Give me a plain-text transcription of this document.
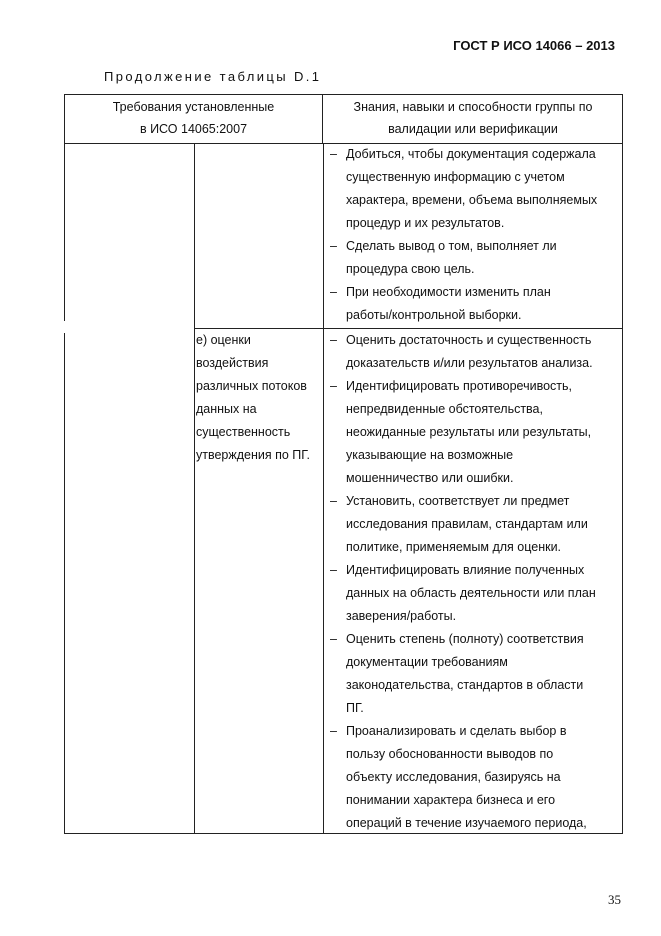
ГОСТ Р ИСО 14066 – 2013
Продолжение таблицы D.1
Требования установленные
в ИСО 14065:2007
Знания, навыки и способности группы по
валидации или верификации
– Добиться, чтобы документация содержала
существенную информацию с учетом
характера, времени, объема выполняемых
процедур и их результатов.
– Сделать вывод о том, выполняет ли
процедура свою цель.
– При необходимости изменить план
работы/контрольной выборки.
е) оценки
воздействия
различных потоков
данных на
существенность
утверждения по ПГ.
– Оценить достаточность и существенность
доказательств и/или результатов анализа.
– Идентифицировать противоречивость,
непредвиденные обстоятельства,
неожиданные результаты или результаты,
указывающие на возможные
мошенничество или ошибки.
– Установить, соответствует ли предмет
исследования правилам, стандартам или
политике, применяемым для оценки.
– Идентифицировать влияние полученных
данных на область деятельности или план
заверения/работы.
– Оценить степень (полноту) соответствия
документации требованиям
законодательства, стандартов в области
ПГ.
– Проанализировать и сделать выбор в
пользу обоснованности выводов по
объекту исследования, базируясь на
понимании характера бизнеса и его
операций в течение изучаемого периода,
35
